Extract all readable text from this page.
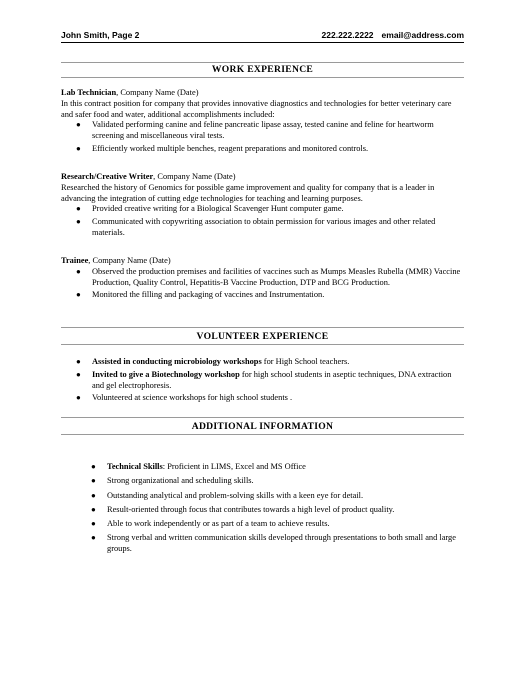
John Smith, Page 2	222.222.2222 email@address.com
WORK EXPERIENCE
Lab Technician, Company Name (Date)

In this contract position for company that provides innovative diagnostics and technologies for better veterinary care and safer food and water, additional accomplishments included:

● Validated performing canine and feline pancreatic lipase assay, tested canine and feline for heartworm screening and miscellaneous viral tests.
● Efficiently worked multiple benches, reagent preparations and monitored controls.
Research/Creative Writer, Company Name (Date)

Researched the history of Genomics for possible game improvement and quality for company that is a leader in advancing the integration of cutting edge technologies for teaching and learning purposes.

● Provided creative writing for a Biological Scavenger Hunt computer game.
● Communicated with copywriting association to obtain permission for various images and other related materials.
Trainee, Company Name (Date)
● Observed the production premises and facilities of vaccines such as Mumps Measles Rubella (MMR) Vaccine Production, Quality Control, Hepatitis-B Vaccine Production, DTP and BCG Production.
● Monitored the filling and packaging of vaccines and Instrumentation.
VOLUNTEER EXPERIENCE
● Assisted in conducting microbiology workshops for High School teachers.
● Invited to give a Biotechnology workshop for high school students in aseptic techniques, DNA extraction and gel electrophoresis.
● Volunteered at science workshops for high school students .
ADDITIONAL INFORMATION
● Technical Skills: Proficient in LIMS, Excel and MS Office
● Strong organizational and scheduling skills.
● Outstanding analytical and problem-solving skills with a keen eye for detail.
● Result-oriented through focus that contributes towards a high level of product quality.
● Able to work independently or as part of a team to achieve results.
● Strong verbal and written communication skills developed through presentations to both small and large groups.
